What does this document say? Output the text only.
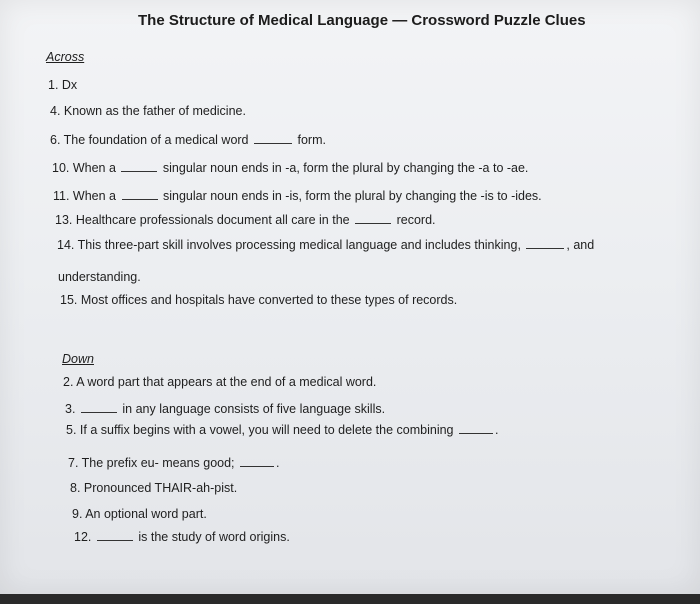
The Structure of Medical Language — Crossword Puzzle Clues
Across
1. Dx
4. Known as the father of medicine.
6. The foundation of a medical word	form.
10. When a	singular noun ends in -a, form the plural by changing the -a to -ae.
11. When a	singular noun ends in -is, form the plural by changing the -is to -ides.
13. Healthcare professionals document all care in the	record.
14. This three-part skill involves processing medical language and includes thinking,	, and
understanding.
15. Most offices and hospitals have converted to these types of records.
Down
2. A word part that appears at the end of a medical word.
3.	in any language consists of five language skills.
5. If a suffix begins with a vowel, you will need to delete the combining	.
7. The prefix eu- means good;	.
8. Pronounced THAIR-ah-pist.
9. An optional word part.
12.	is the study of word origins.
